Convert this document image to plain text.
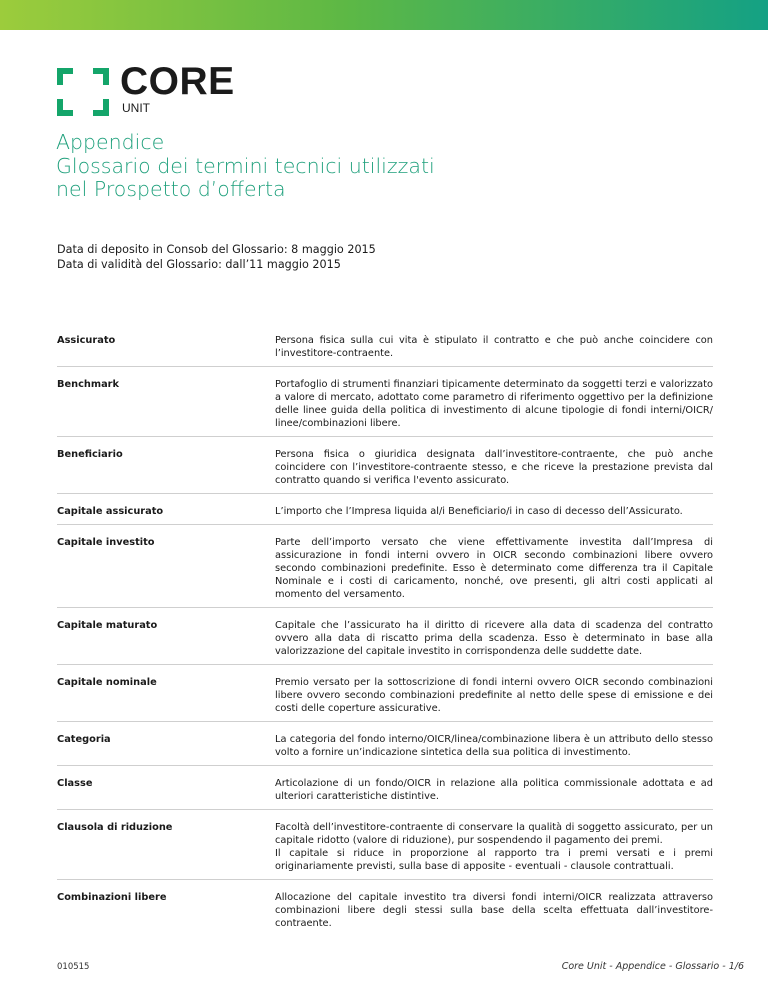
CORE
UNIT
Appendice
Glossario dei termini tecnici utilizzati
nel Prospetto d’offerta
Data di deposito in Consob del Glossario: 8 maggio 2015
Data di validità del Glossario: dall’11 maggio 2015
Assicurato	Persona fisica sulla cui vita è stipulato il contratto e che può anche coincidere con l’investitore-contraente.
Benchmark	Portafoglio di strumenti finanziari tipicamente determinato da soggetti terzi e valorizzato a valore di mercato, adottato come parametro di riferimento oggettivo per la definizione delle linee guida della politica di investimento di alcune tipologie di fondi interni/OICR/ linee/combinazioni libere.
Beneficiario	Persona fisica o giuridica designata dall’investitore-contraente, che può anche coincidere con l’investitore-contraente stesso, e che riceve la prestazione prevista dal contratto quando si verifica l'evento assicurato.
Capitale assicurato	L’importo che l’Impresa liquida al/i Beneficiario/i in caso di decesso dell’Assicurato.
Capitale investito	Parte dell’importo versato che viene effettivamente investita dall’Impresa di assicurazione in fondi interni ovvero in OICR secondo combinazioni libere ovvero secondo combinazioni predefinite. Esso è determinato come differenza tra il Capitale Nominale e i costi di caricamento, nonché, ove presenti, gli altri costi applicati al momento del versamento.
Capitale maturato	Capitale che l’assicurato ha il diritto di ricevere alla data di scadenza del contratto ovvero alla data di riscatto prima della scadenza. Esso è determinato in base alla valorizzazione del capitale investito in corrispondenza delle suddette date.
Capitale nominale	Premio versato per la sottoscrizione di fondi interni ovvero OICR secondo combinazioni libere ovvero secondo combinazioni predefinite al netto delle spese di emissione e dei costi delle coperture assicurative.
Categoria	La categoria del fondo interno/OICR/linea/combinazione libera è un attributo dello stesso volto a fornire un’indicazione sintetica della sua politica di investimento.
Classe	Articolazione di un fondo/OICR in relazione alla politica commissionale adottata e ad ulteriori caratteristiche distintive.
Clausola di riduzione	Facoltà dell’investitore-contraente di conservare la qualità di soggetto assicurato, per un capitale ridotto (valore di riduzione), pur sospendendo il pagamento dei premi.
Il capitale si riduce in proporzione al rapporto tra i premi versati e i premi originariamente previsti, sulla base di apposite - eventuali - clausole contrattuali.
Combinazioni libere	Allocazione del capitale investito tra diversi fondi interni/OICR realizzata attraverso combinazioni libere degli stessi sulla base della scelta effettuata dall’investitore-contraente.
010515	Core Unit - Appendice - Glossario - 1/6
